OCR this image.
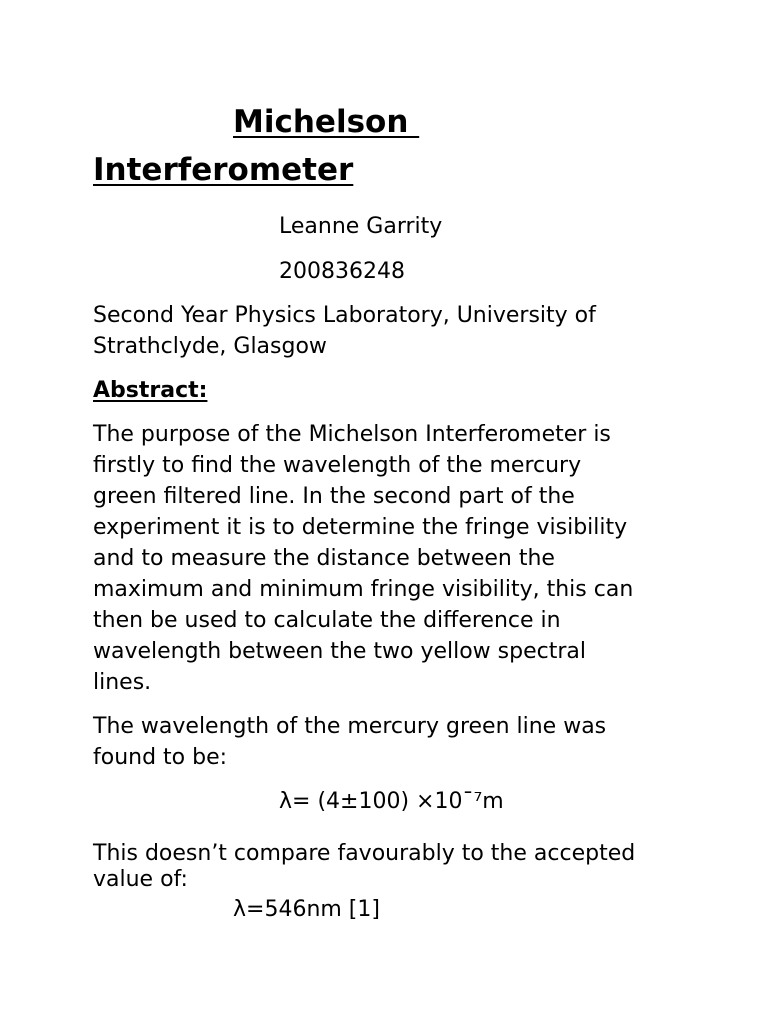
Michelson
Interferometer
Leanne Garrity
200836248
Second Year Physics Laboratory, University of
Strathclyde, Glasgow
Abstract:
The purpose of the Michelson Interferometer is
firstly to find the wavelength of the mercury
green filtered line. In the second part of the
experiment it is to determine the fringe visibility
and to measure the distance between the
maximum and minimum fringe visibility, this can
then be used to calculate the difference in
wavelength between the two yellow spectral
lines.
The wavelength of the mercury green line was
found to be:
λ= (4±100) ×10ˉ⁷m
This doesn’t compare favourably to the accepted
value of:
λ=546nm [1]
